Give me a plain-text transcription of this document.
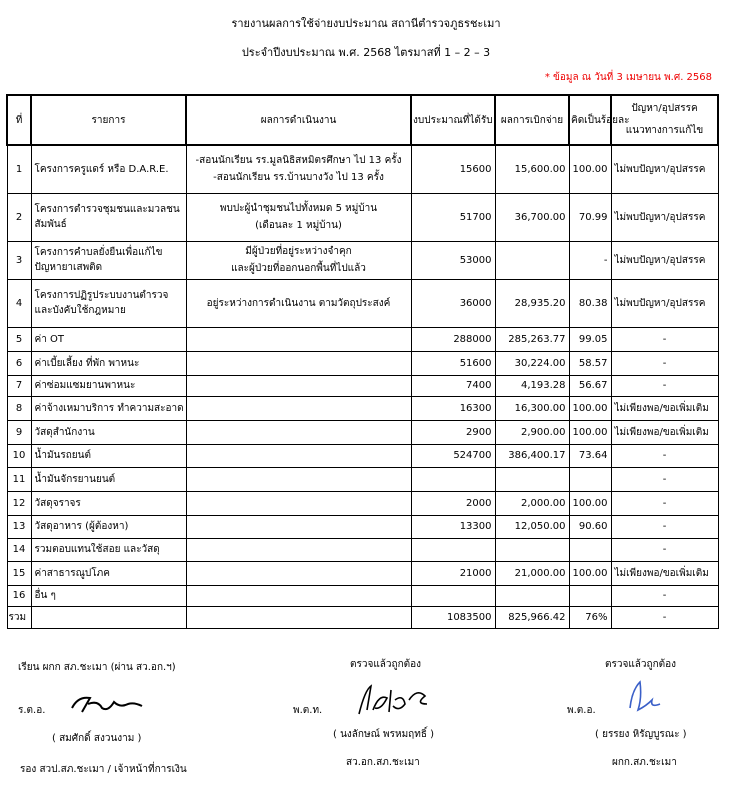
รายงานผลการใช้จ่ายงบประมาณ สถานีตำรวจภูธรชะเมา
ประจำปีงบประมาณ พ.ศ. 2568 ไตรมาสที่ 1 – 2 – 3
* ข้อมูล ณ วันที่ 3 เมษายน พ.ศ. 2568
ที่	รายการ	ผลการดำเนินงาน	งบประมาณที่ได้รับ	ผลการเบิกจ่าย	คิดเป็นร้อยละ	ปัญหา/อุปสรรค
แนวทางการแก้ไข
1	โครงการครูแดร์ หรือ D.A.R.E.	-สอนนักเรียน รร.มูลนิธิสหมิตรศึกษา ไป 13 ครั้ง
-สอนนักเรียน รร.บ้านบางวัง ไป 13 ครั้ง	15600	15,600.00	100.00	ไม่พบปัญหา/อุปสรรค
2	โครงการตำรวจชุมชนและมวลชนสัมพันธ์	พบปะผู้นำชุมชนไปทั้งหมด 5 หมู่บ้าน
(เดือนละ 1 หมู่บ้าน)	51700	36,700.00	70.99	ไม่พบปัญหา/อุปสรรค
3	โครงการคำบลยั่งยืนเพื่อแก้ไขปัญหายาเสพติด	มีผู้ป่วยที่อยู่ระหว่างจำคุก
และผู้ป่วยที่ออกนอกพื้นที่ไปแล้ว	53000		-	ไม่พบปัญหา/อุปสรรค
4	โครงการปฏิรูประบบงานตำรวจและบังคับใช้กฎหมาย	อยู่ระหว่างการดำเนินงาน ตามวัตถุประสงค์	36000	28,935.20	80.38	ไม่พบปัญหา/อุปสรรค
5	ค่า OT		288000	285,263.77	99.05	-
6	ค่าเบี้ยเลี้ยง ที่พัก พาหนะ		51600	30,224.00	58.57	-
7	ค่าซ่อมแซมยานพาหนะ		7400	4,193.28	56.67	-
8	ค่าจ้างเหมาบริการ ทำความสะอาด		16300	16,300.00	100.00	ไม่เพียงพอ/ขอเพิ่มเติม
9	วัสดุสำนักงาน		2900	2,900.00	100.00	ไม่เพียงพอ/ขอเพิ่มเติม
10	น้ำมันรถยนต์		524700	386,400.17	73.64	-
11	น้ำมันจักรยานยนต์					-
12	วัสดุจราจร		2000	2,000.00	100.00	-
13	วัสดุอาหาร (ผู้ต้องหา)		13300	12,050.00	90.60	-
14	รวมตอบแทนใช้สอย และวัสดุ					-
15	ค่าสาธารณูปโภค		21000	21,000.00	100.00	ไม่เพียงพอ/ขอเพิ่มเติม
16	อื่น ๆ					-
รวม			1083500	825,966.42	76%	-
เรียน ผกก สภ.ชะเมา (ผ่าน สว.อก.ฯ)
ร.ต.อ.
( สมศักดิ์ สงวนงาม )
รอง สวป.สภ.ชะเมา / เจ้าหน้าที่การเงิน
ตรวจแล้วถูกต้อง
พ.ต.ท.
( นงลักษณ์ พรหมฤทธิ์ )
สว.อก.สภ.ชะเมา
ตรวจแล้วถูกต้อง
พ.ต.อ.
( ยรรยง หิรัญบูรณะ )
ผกก.สภ.ชะเมา
